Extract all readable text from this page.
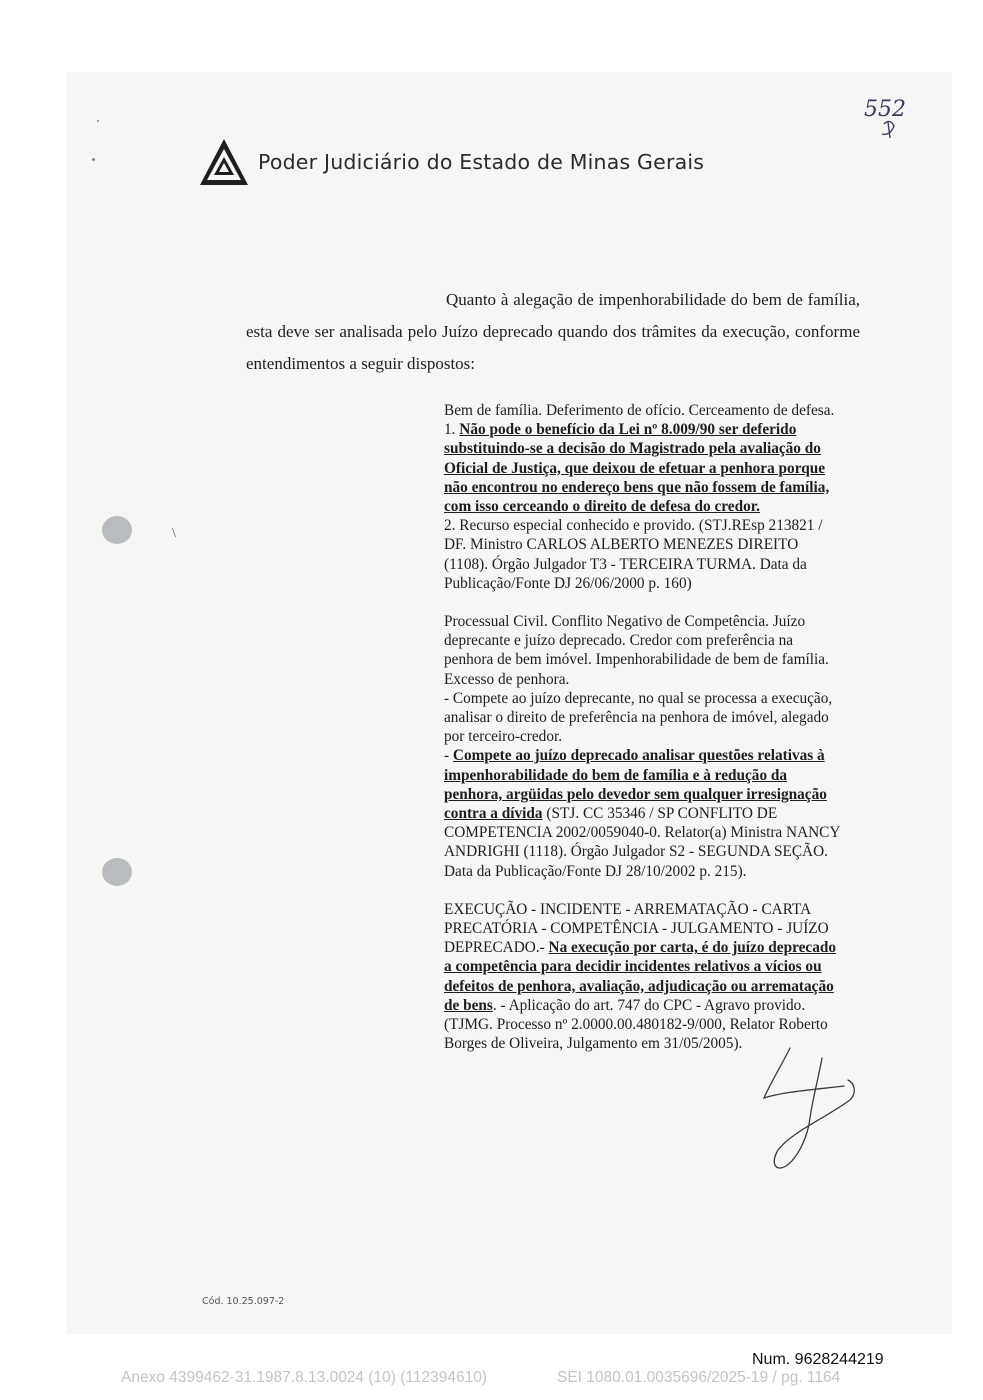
552
Poder Judiciário do Estado de Minas Gerais

Quanto à alegação de impenhorabilidade do bem de família, esta deve ser analisada pelo Juízo deprecado quando dos trâmites da execução, conforme entendimentos a seguir dispostos:

Bem de família. Deferimento de ofício. Cerceamento de defesa.
1. Não pode o benefício da Lei nº 8.009/90 ser deferido
substituindo-se a decisão do Magistrado pela avaliação do
Oficial de Justiça, que deixou de efetuar a penhora porque
não encontrou no endereço bens que não fossem de família,
com isso cerceando o direito de defesa do credor.
2. Recurso especial conhecido e provido. (STJ.REsp 213821 /
DF. Ministro CARLOS ALBERTO MENEZES DIREITO
(1108). Órgão Julgador T3 - TERCEIRA TURMA. Data da
Publicação/Fonte DJ 26/06/2000 p. 160)

Processual Civil. Conflito Negativo de Competência. Juízo
deprecante e juízo deprecado. Credor com preferência na
penhora de bem imóvel. Impenhorabilidade de bem de família.
Excesso de penhora.
- Compete ao juízo deprecante, no qual se processa a execução,
analisar o direito de preferência na penhora de imóvel, alegado
por terceiro-credor.
- Compete ao juízo deprecado analisar questões relativas à
impenhorabilidade do bem de família e à redução da
penhora, argüidas pelo devedor sem qualquer irresignação
contra a dívida (STJ. CC 35346 / SP CONFLITO DE
COMPETENCIA 2002/0059040-0. Relator(a) Ministra NANCY
ANDRIGHI (1118). Órgão Julgador S2 - SEGUNDA SEÇÃO.
Data da Publicação/Fonte DJ 28/10/2002 p. 215).

EXECUÇÃO - INCIDENTE - ARREMATAÇÃO - CARTA
PRECATÓRIA - COMPETÊNCIA - JULGAMENTO - JUÍZO
DEPRECADO.- Na execução por carta, é do juízo deprecado
a competência para decidir incidentes relativos a vícios ou
defeitos de penhora, avaliação, adjudicação ou arrematação
de bens. - Aplicação do art. 747 do CPC - Agravo provido.
(TJMG. Processo nº 2.0000.00.480182-9/000, Relator Roberto
Borges de Oliveira, Julgamento em 31/05/2005).

\
Cód. 10.25.097-2
Num. 9628244219
Anexo 4399462-31.1987.8.13.0024 (10) (112394610)	SEI 1080.01.0035696/2025-19 / pg. 1164
